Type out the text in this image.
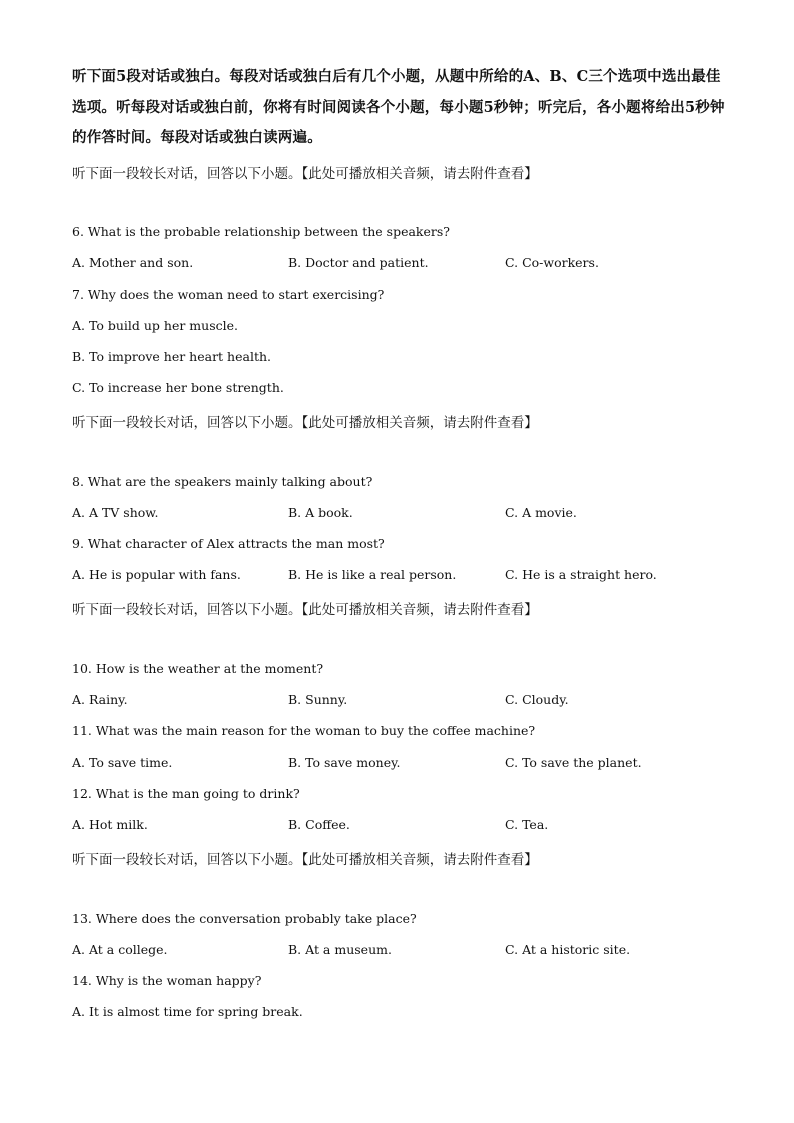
听下面5段对话或独白。每段对话或独白后有几个小题，从题中所给的A、B、C三个选项中选出最佳选项。听每段对话或独白前，你将有时间阅读各个小题，每小题5秒钟；听完后，各小题将给出5秒钟的作答时间。每段对话或独白读两遍。
听下面一段较长对话，回答以下小题。【此处可播放相关音频，请去附件查看】
6. What is the probable relationship between the speakers?
A. Mother and son.	B. Doctor and patient.	C. Co-workers.
7. Why does the woman need to start exercising?
A. To build up her muscle.
B. To improve her heart health.
C. To increase her bone strength.
听下面一段较长对话，回答以下小题。【此处可播放相关音频，请去附件查看】
8. What are the speakers mainly talking about?
A. A TV show.	B. A book.	C. A movie.
9. What character of Alex attracts the man most?
A. He is popular with fans.	B. He is like a real person.	C. He is a straight hero.
听下面一段较长对话，回答以下小题。【此处可播放相关音频，请去附件查看】
10. How is the weather at the moment?
A. Rainy.	B. Sunny.	C. Cloudy.
11. What was the main reason for the woman to buy the coffee machine?
A. To save time.	B. To save money.	C. To save the planet.
12. What is the man going to drink?
A. Hot milk.	B. Coffee.	C. Tea.
听下面一段较长对话，回答以下小题。【此处可播放相关音频，请去附件查看】
13. Where does the conversation probably take place?
A. At a college.	B. At a museum.	C. At a historic site.
14. Why is the woman happy?
A. It is almost time for spring break.
